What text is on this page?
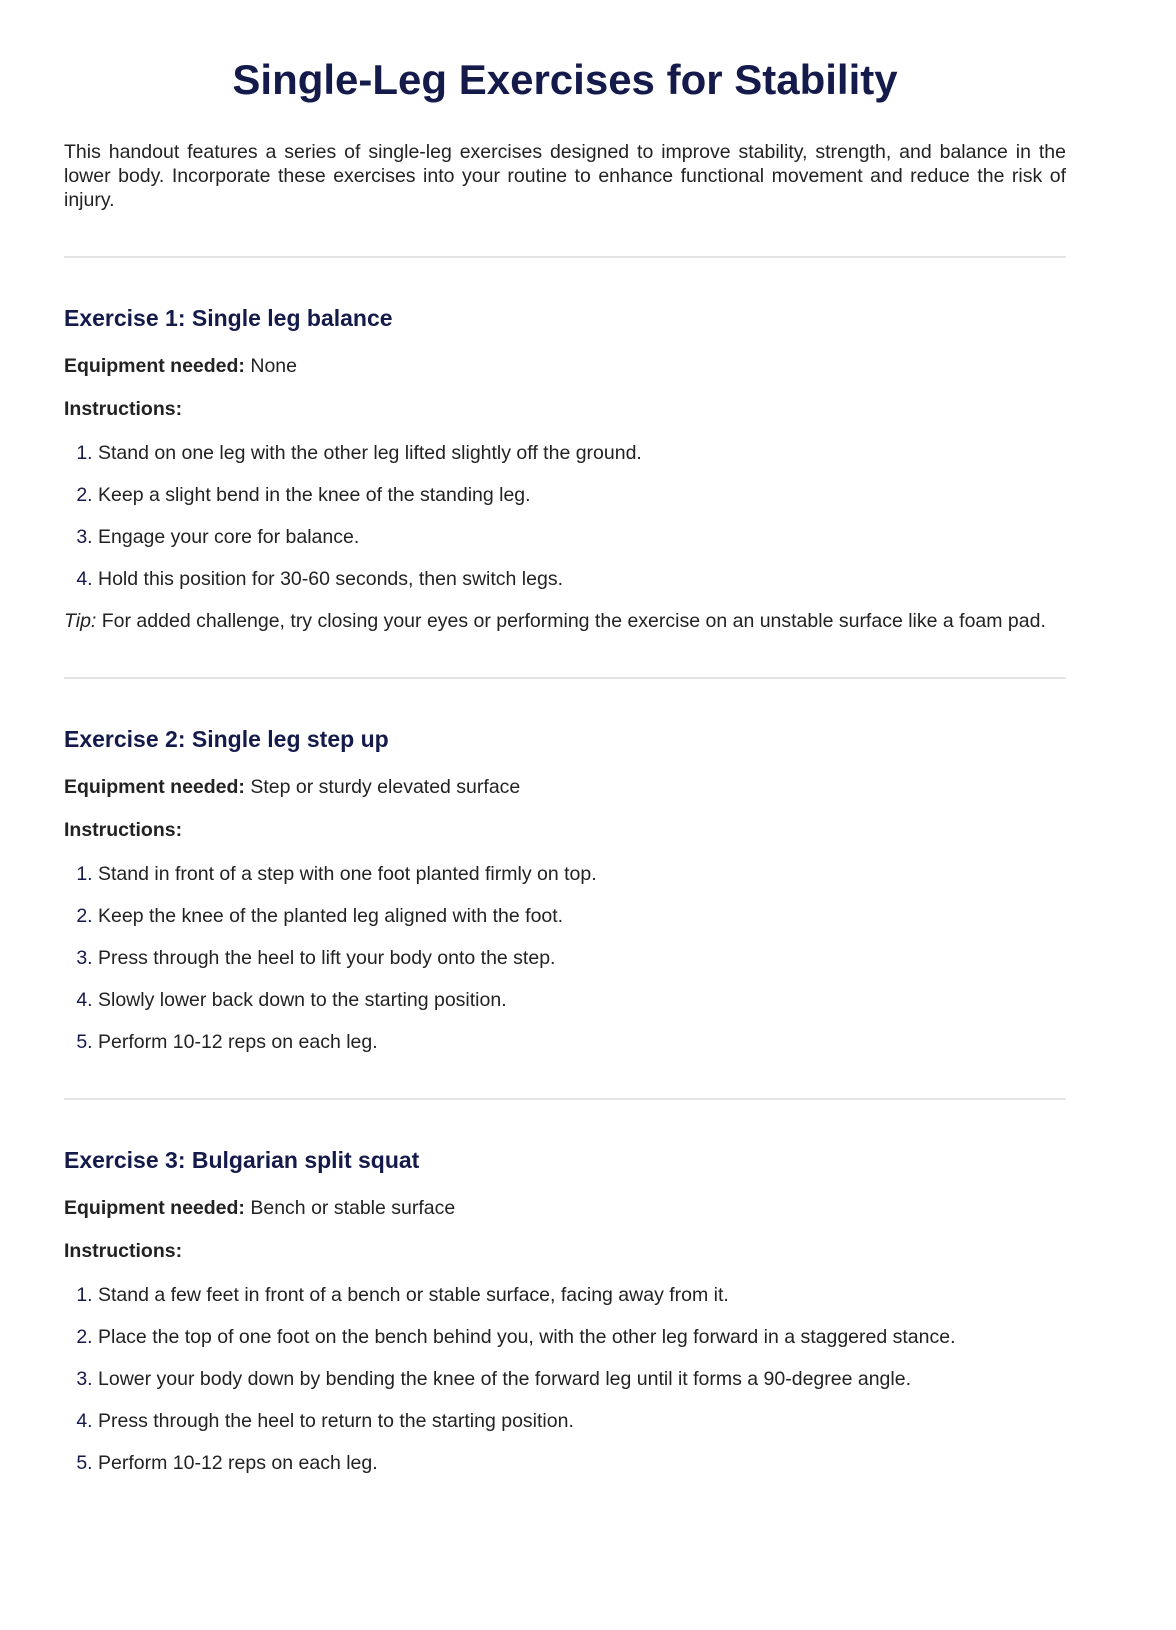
Single-Leg Exercises for Stability

This handout features a series of single-leg exercises designed to improve stability, strength, and balance in the lower body. Incorporate these exercises into your routine to enhance functional movement and reduce the risk of injury.

Exercise 1: Single leg balance

Equipment needed: None

Instructions:

1. Stand on one leg with the other leg lifted slightly off the ground.
2. Keep a slight bend in the knee of the standing leg.
3. Engage your core for balance.
4. Hold this position for 30-60 seconds, then switch legs.

Tip: For added challenge, try closing your eyes or performing the exercise on an unstable surface like a foam pad.

Exercise 2: Single leg step up

Equipment needed: Step or sturdy elevated surface

Instructions:

1. Stand in front of a step with one foot planted firmly on top.
2. Keep the knee of the planted leg aligned with the foot.
3. Press through the heel to lift your body onto the step.
4. Slowly lower back down to the starting position.
5. Perform 10-12 reps on each leg.
Exercise 3: Bulgarian split squat

Equipment needed: Bench or stable surface

Instructions:

1. Stand a few feet in front of a bench or stable surface, facing away from it.
2. Place the top of one foot on the bench behind you, with the other leg forward in a staggered stance.
3. Lower your body down by bending the knee of the forward leg until it forms a 90-degree angle.
4. Press through the heel to return to the starting position.
5. Perform 10-12 reps on each leg.
